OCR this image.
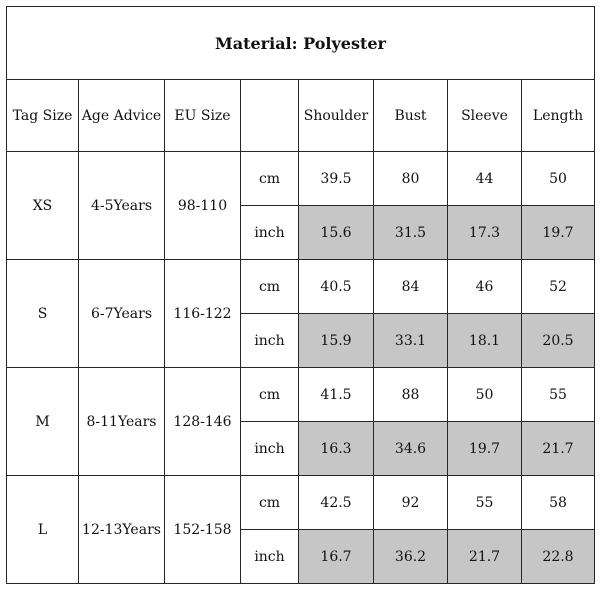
Material: Polyester							
Tag Size	Age Advice	EU Size		Shoulder	Bust	Sleeve	Length
XS	4-5Years	98-110	cm	39.5	80	44	50
			inch	15.6	31.5	17.3	19.7
S	6-7Years	116-122	cm	40.5	84	46	52
			inch	15.9	33.1	18.1	20.5
M	8-11Years	128-146	cm	41.5	88	50	55
			inch	16.3	34.6	19.7	21.7
L	12-13Years	152-158	cm	42.5	92	55	58
			inch	16.7	36.2	21.7	22.8
